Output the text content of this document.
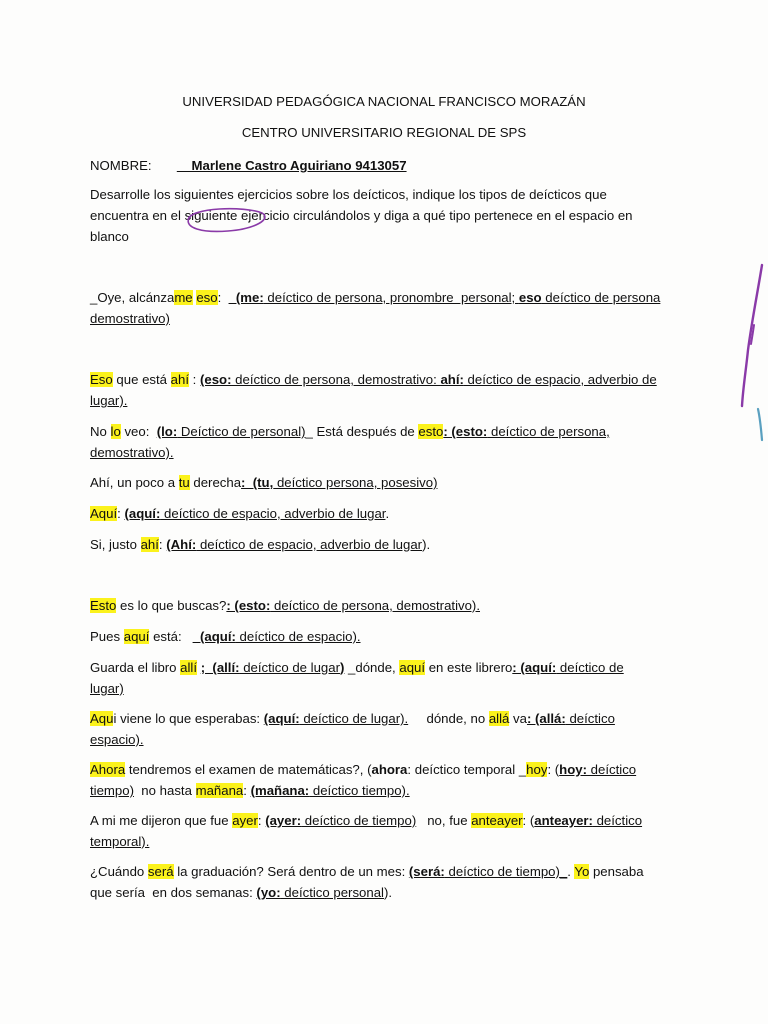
UNIVERSIDAD PEDAGÓGICA NACIONAL FRANCISCO MORAZÁN
CENTRO UNIVERSITARIO REGIONAL DE SPS
NOMBRE: __Marlene Castro Aguiriano 9413057
Desarrolle los siguientes ejercicios sobre los deícticos, indique los tipos de deícticos que
encuentra en el siguiente ejercicio circulándolos y diga a qué tipo pertenece en el espacio en
blanco
_Oye, alcánzame eso:  _(me: deíctico de persona, pronombre  personal; eso deíctico de persona
demostrativo)
Eso que está ahí : (eso: deíctico de persona, demostrativo: ahí: deíctico de espacio, adverbio de
lugar).
No lo veo:  (lo: Deíctico de personal)_ Está después de esto: (esto: deíctico de persona,
demostrativo).
Ahí, un poco a tu derecha:_(tu, deíctico persona, posesivo)
Aquí: (aquí: deíctico de espacio, adverbio de lugar.
Si, justo ahí: (Ahí: deíctico de espacio, adverbio de lugar).
Esto es lo que buscas?: (esto: deíctico de persona, demostrativo).
Pues aquí está:   _(aquí: deíctico de espacio).
Guarda el libro allí ;  (allí: deíctico de lugar) _dónde, aquí en este librero: (aquí: deíctico de
lugar)
Aqui viene lo que esperabas: (aquí: deíctico de lugar).     dónde, no allá va: (allá: deíctico
espacio).
Ahora tendremos el examen de matemáticas?, (ahora: deíctico temporal _hoy: (hoy: deíctico
tiempo)  no hasta mañana: (mañana: deíctico tiempo).
A mi me dijeron que fue ayer: (ayer: deíctico de tiempo)   no, fue anteayer: (anteayer: deíctico
temporal).
¿Cuándo será la graduación? Será dentro de un mes: (será: deíctico de tiempo)_. Yo pensaba
que sería  en dos semanas: (yo: deíctico personal).
